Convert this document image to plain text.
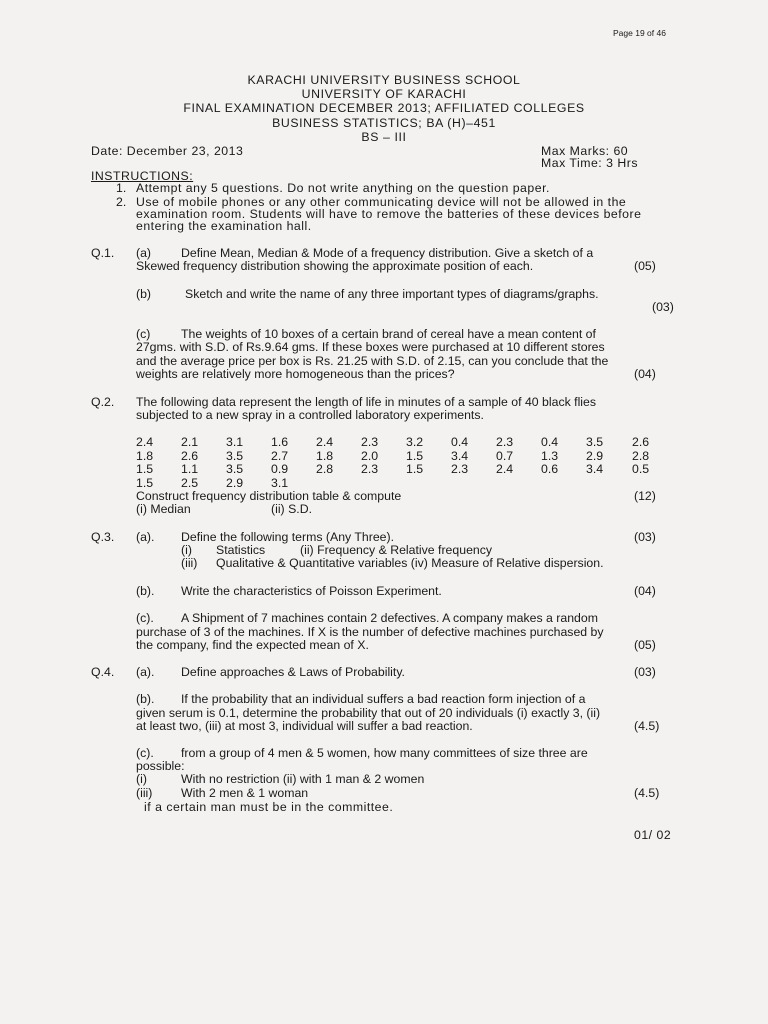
Page 19 of 46
KARACHI UNIVERSITY BUSINESS SCHOOL
UNIVERSITY OF KARACHI
FINAL EXAMINATION DECEMBER 2013; AFFILIATED COLLEGES
BUSINESS STATISTICS; BA (H)–451
BS – III
Date: December 23, 2013	Max Marks: 60
Max Time: 3 Hrs
INSTRUCTIONS:
1. Attempt any 5 questions. Do not write anything on the question paper.
2. Use of mobile phones or any other communicating device will not be allowed in the
examination room. Students will have to remove the batteries of these devices before
entering the examination hall.
Q.1. (a) Define Mean, Median & Mode of a frequency distribution. Give a sketch of a
Skewed frequency distribution showing the approximate position of each.	(05)
(b)	Sketch and write the name of any three important types of diagrams/graphs.
(03)
(c) The weights of 10 boxes of a certain brand of cereal have a mean content of
27gms. with S.D. of Rs.9.64 gms. If these boxes were purchased at 10 different stores
and the average price per box is Rs. 21.25 with S.D. of 2.15, can you conclude that the
weights are relatively more homogeneous than the prices?	(04)
Q.2. The following data represent the length of life in minutes of a sample of 40 black flies
subjected to a new spray in a controlled laboratory experiments.
2.4 2.1 3.1 1.6 2.4 2.3 3.2 0.4 2.3 0.4 3.5 2.6
1.8 2.6 3.5 2.7 1.8 2.0 1.5 3.4 0.7 1.3 2.9 2.8
1.5 1.1 3.5 0.9 2.8 2.3 1.5 2.3 2.4 0.6 3.4 0.5
1.5 2.5 2.9 3.1
Construct frequency distribution table & compute	(12)
(i) Median	(ii) S.D.
Q.3. (a). Define the following terms (Any Three).	(03)
(i) Statistics	(ii) Frequency & Relative frequency
(iii) Qualitative & Quantitative variables (iv) Measure of Relative dispersion.
(b). Write the characteristics of Poisson Experiment.	(04)
(c). A Shipment of 7 machines contain 2 defectives. A company makes a random
purchase of 3 of the machines. If X is the number of defective machines purchased by
the company, find the expected mean of X.	(05)
Q.4. (a). Define approaches & Laws of Probability.	(03)
(b). If the probability that an individual suffers a bad reaction form injection of a
given serum is 0.1, determine the probability that out of 20 individuals (i) exactly 3, (ii)
at least two, (iii) at most 3, individual will suffer a bad reaction.	(4.5)
(c). from a group of 4 men & 5 women, how many committees of size three are
possible:
(i)	With no restriction (ii) with 1 man & 2 women
(iii) With 2 men & 1 woman	(4.5)
if a certain man must be in the committee.
01/ 02
